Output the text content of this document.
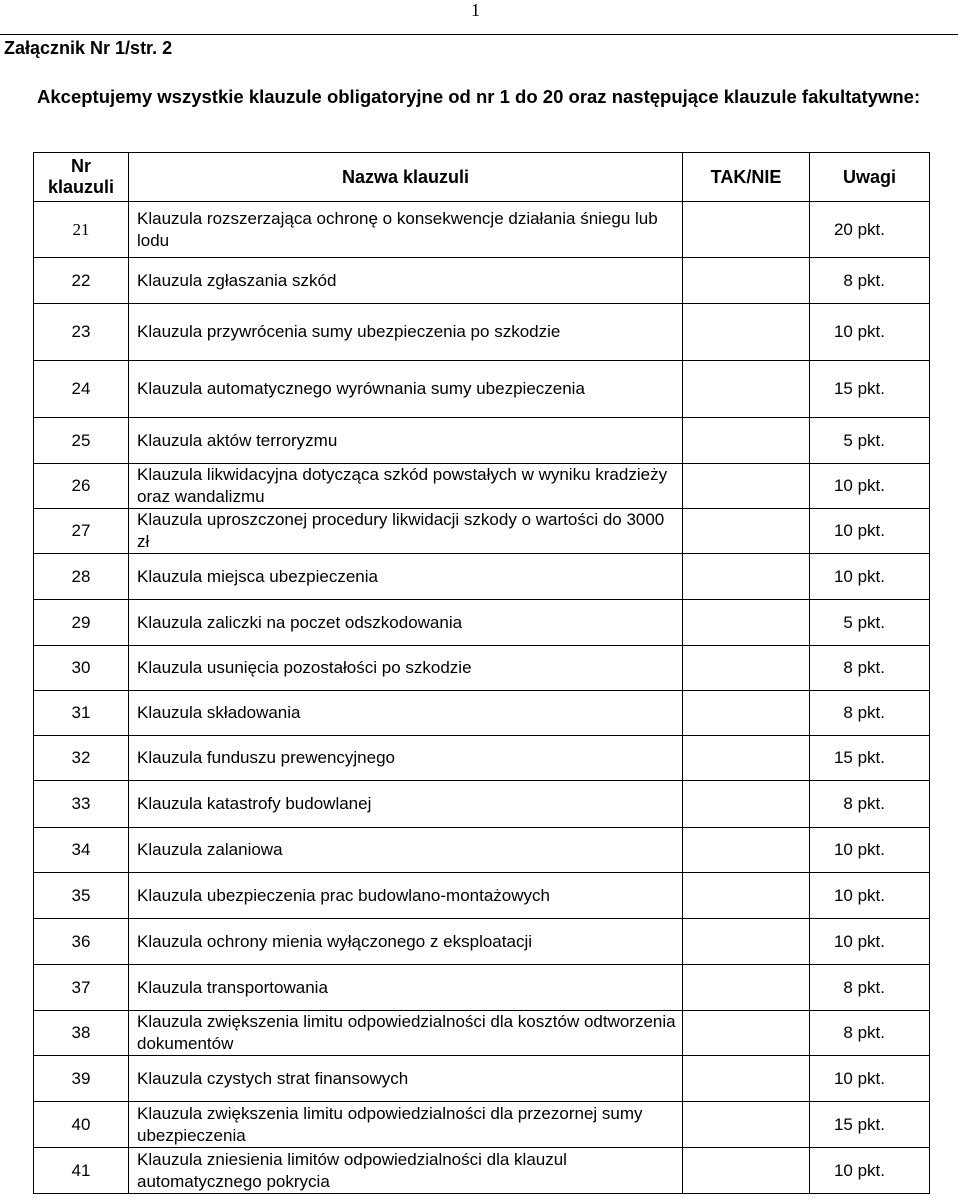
1
Załącznik Nr 1/str. 2
Akceptujemy wszystkie klauzule obligatoryjne od nr 1 do 20 oraz następujące klauzule fakultatywne:
Nr klauzuli	Nazwa klauzuli	TAK/NIE	Uwagi
21	Klauzula rozszerzająca ochronę o konsekwencje działania śniegu lub lodu		20 pkt.
22	Klauzula zgłaszania szkód		8 pkt.
23	Klauzula przywrócenia sumy ubezpieczenia po szkodzie		10 pkt.
24	Klauzula automatycznego wyrównania sumy ubezpieczenia		15 pkt.
25	Klauzula aktów terroryzmu		5 pkt.
26	Klauzula likwidacyjna dotycząca szkód powstałych w wyniku kradzieży oraz wandalizmu		10 pkt.
27	Klauzula uproszczonej procedury likwidacji szkody o wartości do 3000 zł		10 pkt.
28	Klauzula miejsca ubezpieczenia		10 pkt.
29	Klauzula zaliczki na poczet odszkodowania		5 pkt.
30	Klauzula usunięcia pozostałości po szkodzie		8 pkt.
31	Klauzula składowania		8 pkt.
32	Klauzula funduszu prewencyjnego		15 pkt.
33	Klauzula katastrofy budowlanej		8 pkt.
34	Klauzula zalaniowa		10 pkt.
35	Klauzula ubezpieczenia prac budowlano-montażowych		10 pkt.
36	Klauzula ochrony mienia wyłączonego z eksploatacji		10 pkt.
37	Klauzula transportowania		8 pkt.
38	Klauzula zwiększenia limitu odpowiedzialności dla kosztów odtworzenia dokumentów		8 pkt.
39	Klauzula czystych strat finansowych		10 pkt.
40	Klauzula zwiększenia limitu odpowiedzialności dla przezornej sumy ubezpieczenia		15 pkt.
41	Klauzula zniesienia limitów odpowiedzialności dla klauzul automatycznego pokrycia		10 pkt.
